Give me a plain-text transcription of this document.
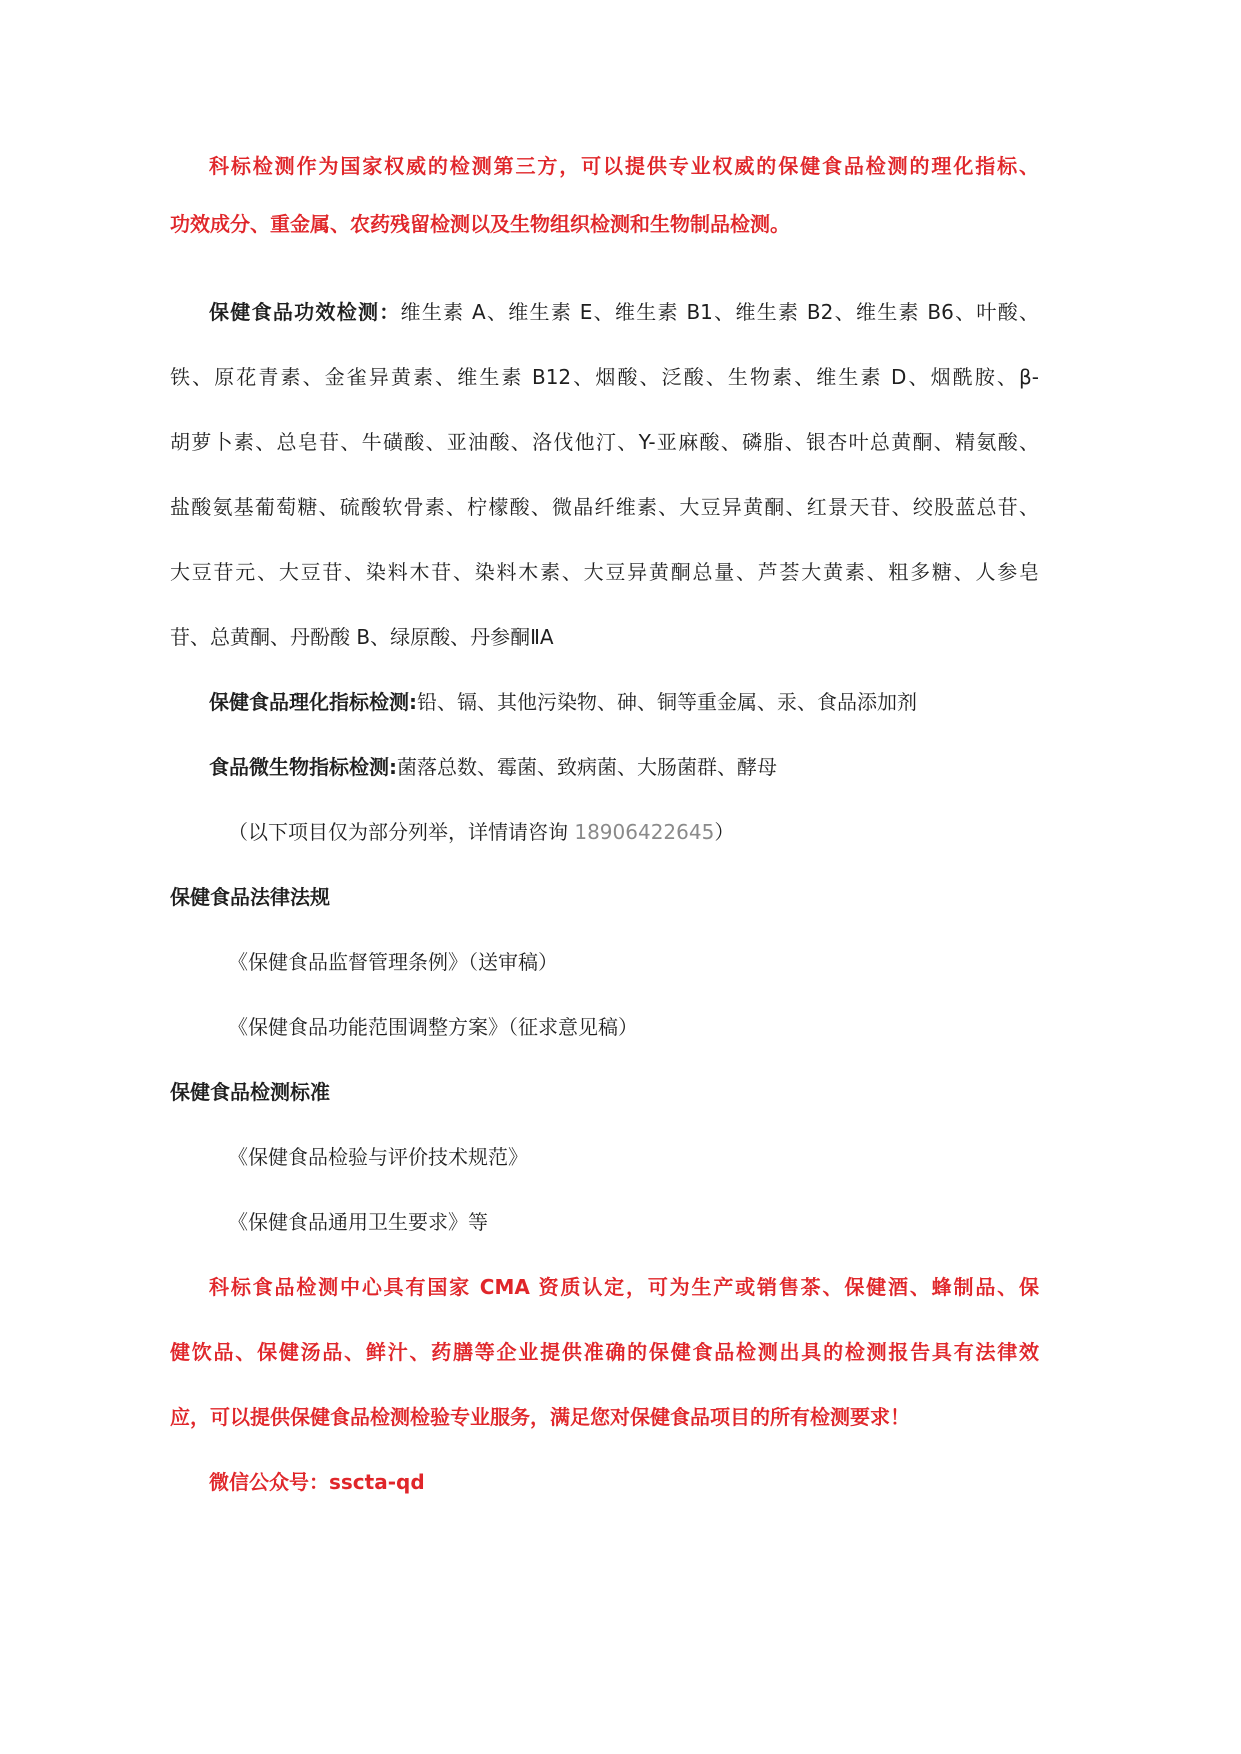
科标检测作为国家权威的检测第三方，可以提供专业权威的保健食品检测的理化指标、
功效成分、重金属、农药残留检测以及生物组织检测和生物制品检测。
保健食品功效检测：维生素 A、维生素 E、维生素 B1、维生素 B2、维生素 B6、叶酸、
铁、原花青素、金雀异黄素、维生素 B12、烟酸、泛酸、生物素、维生素 D、烟酰胺、β-
胡萝卜素、总皂苷、牛磺酸、亚油酸、洛伐他汀、Y-亚麻酸、磷脂、银杏叶总黄酮、精氨酸、
盐酸氨基葡萄糖、硫酸软骨素、柠檬酸、微晶纤维素、大豆异黄酮、红景天苷、绞股蓝总苷、
大豆苷元、大豆苷、染料木苷、染料木素、大豆异黄酮总量、芦荟大黄素、粗多糖、人参皂
苷、总黄酮、丹酚酸 B、绿原酸、丹参酮ⅡA
保健食品理化指标检测:铅、镉、其他污染物、砷、铜等重金属、汞、食品添加剂
食品微生物指标检测:菌落总数、霉菌、致病菌、大肠菌群、酵母
（以下项目仅为部分列举，详情请咨询 18906422645）
保健食品法律法规
《保健食品监督管理条例》（送审稿）
《保健食品功能范围调整方案》（征求意见稿）
保健食品检测标准
《保健食品检验与评价技术规范》
《保健食品通用卫生要求》等
科标食品检测中心具有国家 CMA 资质认定，可为生产或销售茶、保健酒、蜂制品、保
健饮品、保健汤品、鲜汁、药膳等企业提供准确的保健食品检测出具的检测报告具有法律效
应，可以提供保健食品检测检验专业服务，满足您对保健食品项目的所有检测要求！
微信公众号：sscta-qd
